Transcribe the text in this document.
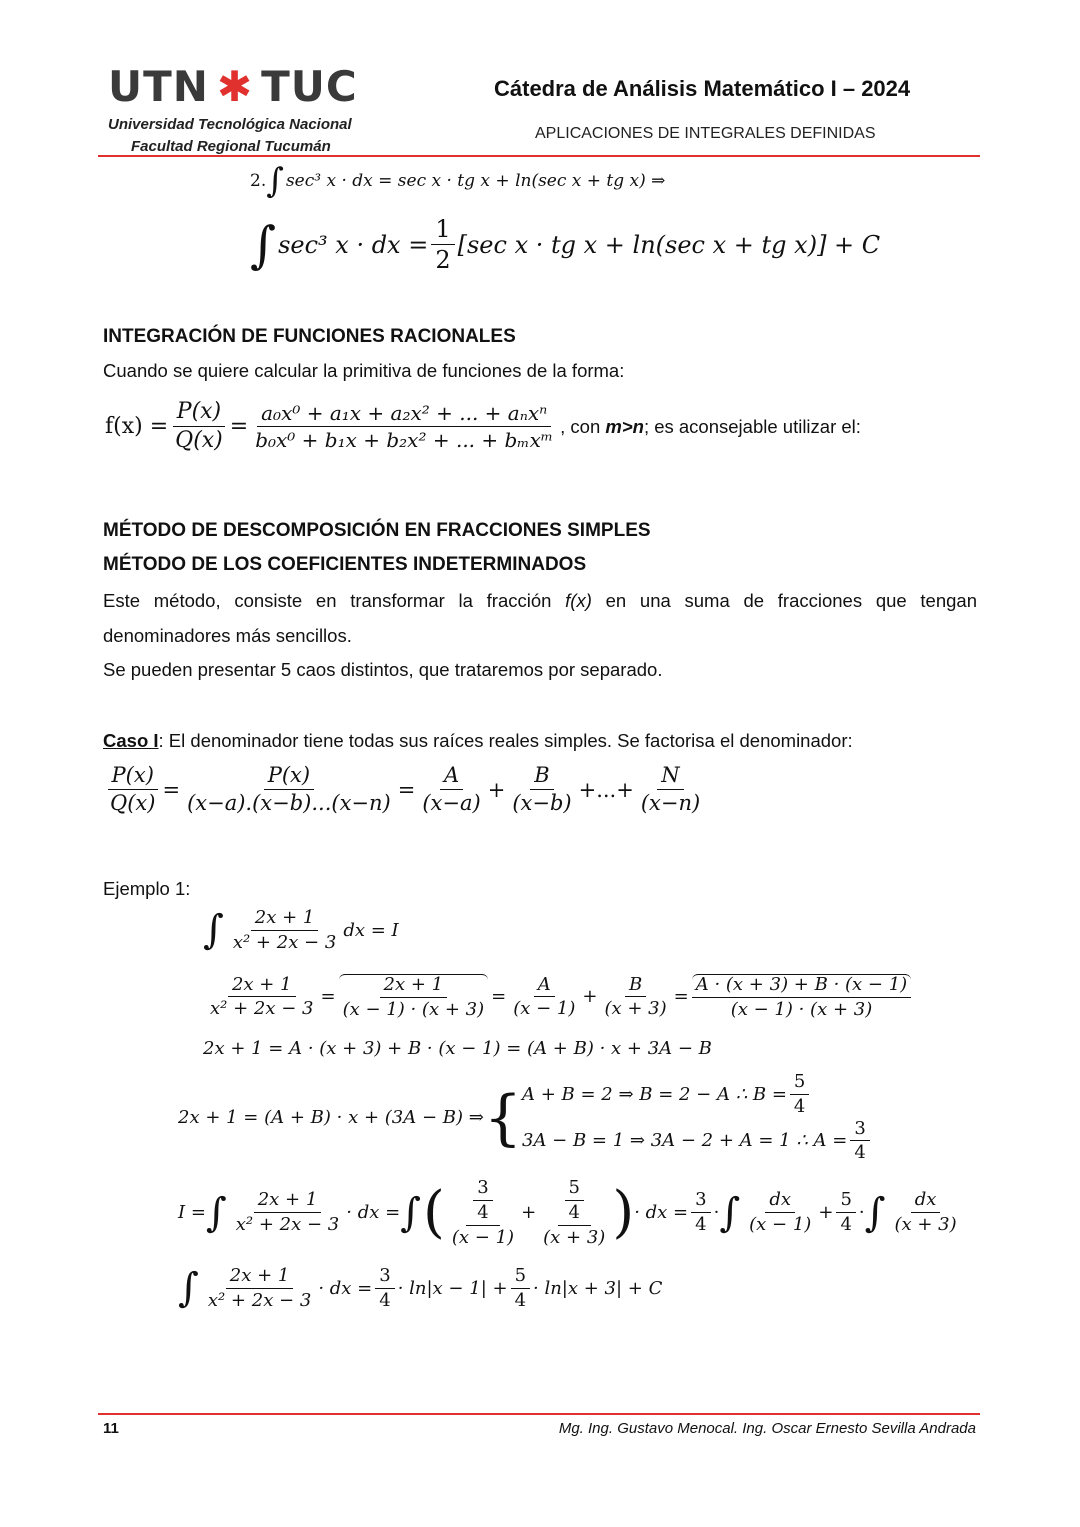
UTN ✱ TUC
Universidad Tecnológica Nacional
Facultad Regional Tucumán
Cátedra de Análisis Matemático I – 2024
APLICACIONES DE INTEGRALES DEFINIDAS
2. ∫ sec³ x · dx = sec x · tg x + ln(sec x + tg x) ⇒
∫ sec³ x · dx = $\frac{1}{2} [\sec$ x · tg x + ln(sec x + tg x)] + C
INTEGRACIÓN DE FUNCIONES RACIONALES
Cuando se quiere calcular la primitiva de funciones de la forma:
$f(x) = \frac{P(x)}{Q(x)} = \frac{\text{a₀x⁰ + a₁x + a₂x² + ... + aₙxⁿ}}{\text{b₀x⁰ + b₁x + b₂x² + ... + bₘxᵐ}}$ , con m>n; es aconsejable utilizar el:
MÉTODO DE DESCOMPOSICIÓN EN FRACCIONES SIMPLES
MÉTODO DE LOS COEFICIENTES INDETERMINADOS
Este método, consiste en transformar la fracción f(x) en una suma de fracciones que tengan
denominadores más sencillos.
Se pueden presentar 5 caos distintos, que trataremos por separado.
Caso I: El denominador tiene todas sus raíces reales simples. Se factorisa el denominador:
$\frac{P(x)}{Q(x)} = \frac{P(x)}{(x-a).(x-b)...(x-n)} = \frac{A}{(x-a)} + \frac{B}{(x-b)}$ +...+ $\frac{N}{(x-n)}$
Ejemplo 1:
∫ $\frac{2x + 1}{\text{x² + 2x − 3}}$ dx = I
$\frac{2x + 1}{\text{x² + 2x − 3}} = \frac{2x + 1}{(x - 1) \cdot (x + 3)} = \frac{A}{(x - 1)} + \frac{B}{(x + 3)} = \frac{A \cdot (x + 3) + B \cdot (x - 1)}{(x - 1) \cdot (x + 3)}$
2x + 1 = A · (x + 3) + B · (x − 1) = (A + B) · x + 3A − B
2x + 1 = (A + B) · x + (3A − B) ⇒ { A + B = 2 ⇒ B = 2 − A ∴ $B = \frac{5}{4}$
3A − B = 1 ⇒ 3A − 2 + A = 1 ∴ $A = \frac{3}{4}$
I = ∫ $\frac{2x + 1}{\text{x² + 2x − 3}}$ · dx = ∫ ( $\frac{\frac{3}{4}}{(x - 1)} + \frac{\frac{5}{4}}{(x + 3)}$ ) · dx = $\frac{3}{4}$ · ∫ $\frac{dx}{(x - 1)} + \frac{5}{4}$ · ∫ $\frac{dx}{(x + 3)}$
∫ $\frac{2x + 1}{\text{x² + 2x − 3}}$ · dx = $\frac{3}{4} \cdot \ln|x - 1| + \frac{5}{4} \cdot \ln|x + 3| + C$
11	Mg. Ing. Gustavo Menocal. Ing. Oscar Ernesto Sevilla Andrada
